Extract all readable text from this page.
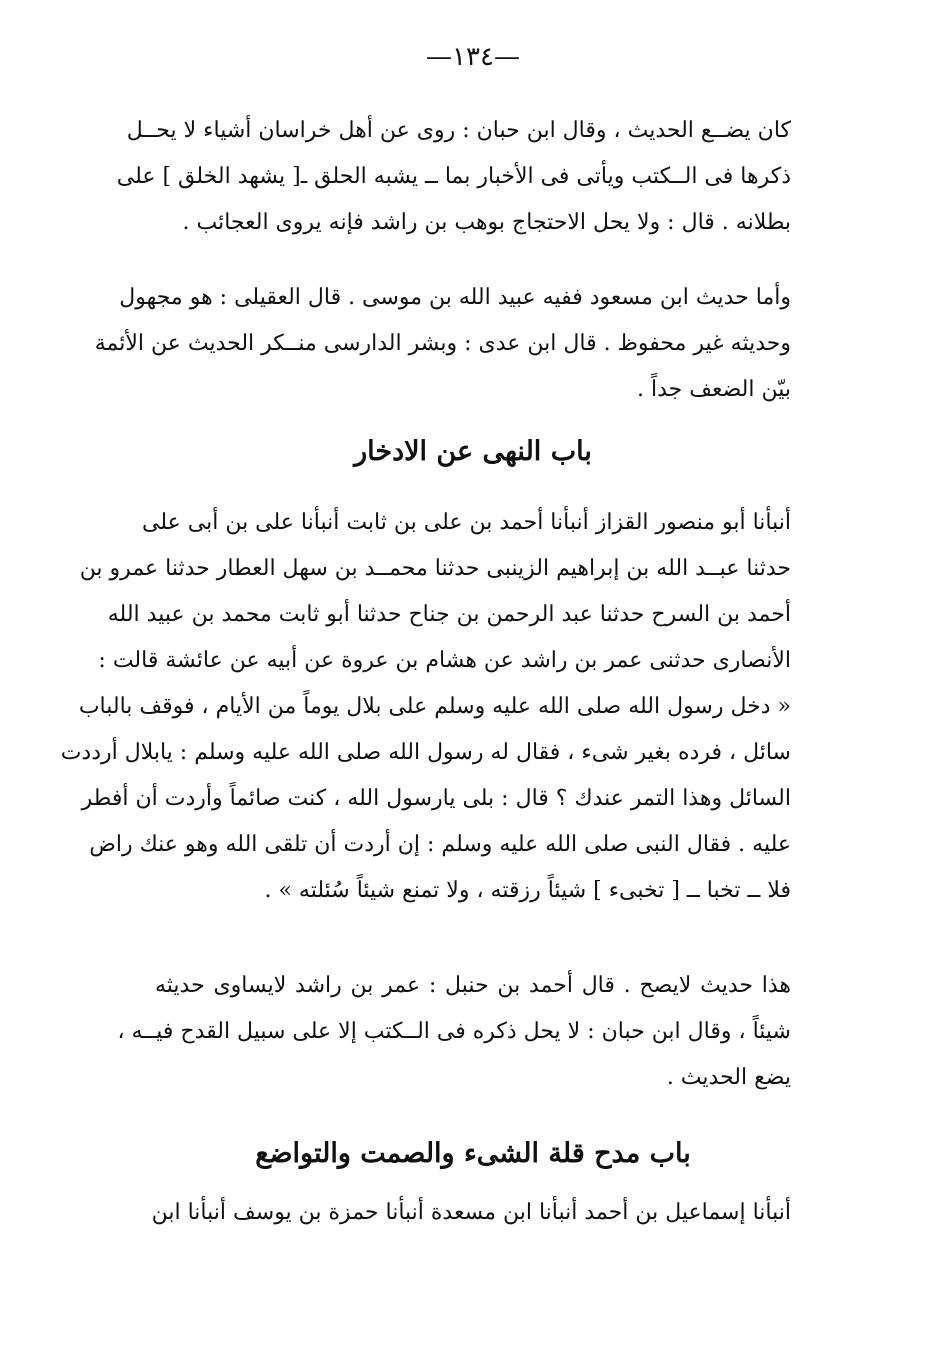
—١٣٤—
كان يضــع الحديث ، وقال ابن حبان : روى عن أهل خراسان أشياء لا يحــل
ذكرها فى الــكتب ويأتى فى الأخبار بما ــ يشبه الحلق ـ[ يشهد الخلق ] على
بطلانه . قال : ولا يحل الاحتجاج بوهب بن راشد فإنه يروى العجائب .
وأما حديث ابن مسعود ففيه عبيد الله بن موسى . قال العقيلى : هو مجهول
وحديثه غير محفوظ . قال ابن عدى : وبشر الدارسى منــكر الحديث عن الأئمة
بيّن الضعف جداً .
باب النهى عن الادخار
أنبأنا أبو منصور القزاز أنبأنا أحمد بن على بن ثابت أنبأنا على بن أبى على
حدثنا عبــد الله بن إبراهيم الزينبى حدثنا محمــد بن سهل العطار حدثنا عمرو بن
أحمد بن السرح حدثنا عبد الرحمن بن جناح حدثنا أبو ثابت محمد بن عبيد الله
الأنصارى حدثنى عمر بن راشد عن هشام بن عروة عن أبيه عن عائشة قالت :
« دخل رسول الله صلى الله عليه وسلم على بلال يوماً من الأيام ، فوقف بالباب
سائل ، فرده بغير شىء ، فقال له رسول الله صلى الله عليه وسلم : يابلال أرددت
السائل وهذا التمر عندك ؟ قال : بلى يارسول الله ، كنت صائماً وأردت أن أفطر
عليه . فقال النبى صلى الله عليه وسلم : إن أردت أن تلقى الله وهو عنك راض
فلا ــ تخبا ــ [ تخبىء ] شيئاً رزقته ، ولا تمنع شيئاً سُئلته » .
هذا حديث لايصح . قال أحمد بن حنبل : عمر بن راشد لايساوى حديثه
شيئاً ، وقال ابن حبان : لا يحل ذكره فى الــكتب إلا على سبيل القدح فيــه ،
يضع الحديث .
باب مدح قلة الشىء والصمت والتواضع
أنبأنا إسماعيل بن أحمد أنبأنا ابن مسعدة أنبأنا حمزة بن يوسف أنبأنا ابن
